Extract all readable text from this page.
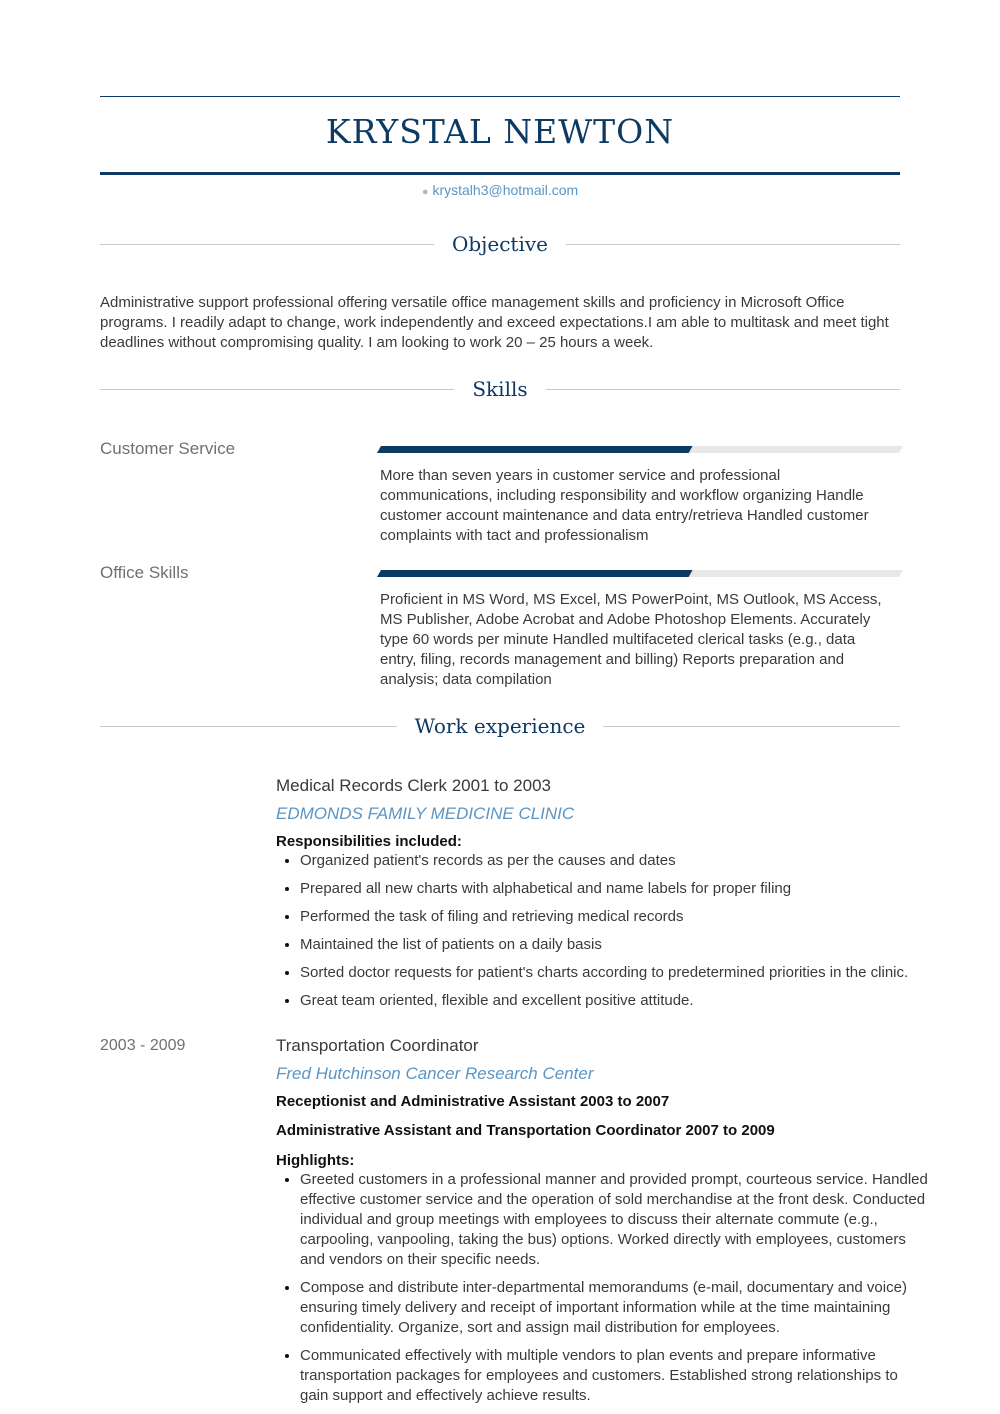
KRYSTAL NEWTON
● krystalh3@hotmail.com
Objective

Administrative support professional offering versatile office management skills and proficiency in Microsoft Office programs. I readily adapt to change, work independently and exceed expectations.I am able to multitask and meet tight deadlines without compromising quality. I am looking to work 20 – 25 hours a week.

Skills
Customer Service

More than seven years in customer service and professional communications, including responsibility and workflow organizing Handle customer account maintenance and data entry/retrieva Handled customer complaints with tact and professionalism

Office Skills

Proficient in MS Word, MS Excel, MS PowerPoint, MS Outlook, MS Access, MS Publisher, Adobe Acrobat and Adobe Photoshop Elements. Accurately type 60 words per minute Handled multifaceted clerical tasks (e.g., data entry, filing, records management and billing) Reports preparation and analysis; data compilation

Work experience
Medical Records Clerk 2001 to 2003
EDMONDS FAMILY MEDICINE CLINIC
Responsibilities included:
• Organized patient's records as per the causes and dates
• Prepared all new charts with alphabetical and name labels for proper filing
• Performed the task of filing and retrieving medical records
• Maintained the list of patients on a daily basis
• Sorted doctor requests for patient's charts according to predetermined priorities in the clinic.
• Great team oriented, flexible and excellent positive attitude.
2003 - 2009	Transportation Coordinator
Fred Hutchinson Cancer Research Center
Receptionist and Administrative Assistant 2003 to 2007
Administrative Assistant and Transportation Coordinator 2007 to 2009
Highlights:
• Greeted customers in a professional manner and provided prompt, courteous service. Handled effective customer service and the operation of sold merchandise at the front desk. Conducted individual and group meetings with employees to discuss their alternate commute (e.g., carpooling, vanpooling, taking the bus) options. Worked directly with employees, customers and vendors on their specific needs.
• Compose and distribute inter-departmental memorandums (e-mail, documentary and voice) ensuring timely delivery and receipt of important information while at the time maintaining confidentiality. Organize, sort and assign mail distribution for employees.
• Communicated effectively with multiple vendors to plan events and prepare informative transportation packages for employees and customers. Established strong relationships to gain support and effectively achieve results.
